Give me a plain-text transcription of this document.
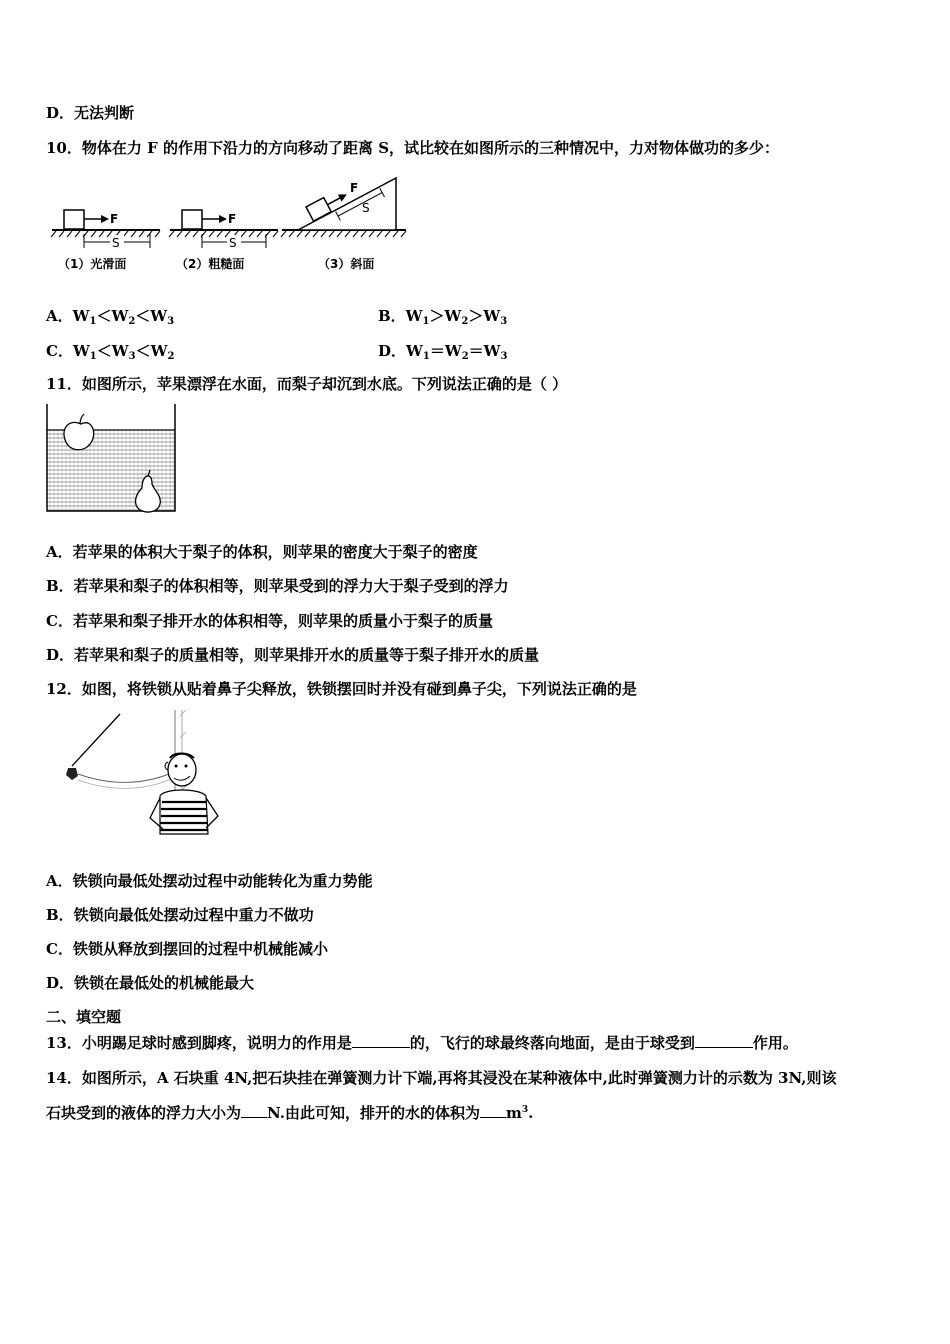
D．无法判断
10．物体在力 F 的作用下沿力的方向移动了距离 S，试比较在如图所示的三种情况中，力对物体做功的多少：
F
S
（1）光滑面
F
S
（2）粗糙面
F
S
（3）斜面
A．$W_1<W_2<W_3$	B．$W_1>W_2>W_3$
C．$W_1<W_3<W_2$	D．$W_1=W_2=W_3$
11．如图所示，苹果漂浮在水面，而梨子却沉到水底。下列说法正确的是（ ）
A．若苹果的体积大于梨子的体积，则苹果的密度大于梨子的密度
B．若苹果和梨子的体积相等，则苹果受到的浮力大于梨子受到的浮力
C．若苹果和梨子排开水的体积相等，则苹果的质量小于梨子的质量
D．若苹果和梨子的质量相等，则苹果排开水的质量等于梨子排开水的质量
12．如图，将铁锁从贴着鼻子尖释放，铁锁摆回时并没有碰到鼻子尖，下列说法正确的是
A．铁锁向最低处摆动过程中动能转化为重力势能
B．铁锁向最低处摆动过程中重力不做功
C．铁锁从释放到摆回的过程中机械能减小
D．铁锁在最低处的机械能最大
二、填空题
13．小明踢足球时感到脚疼，说明力的作用是	的，飞行的球最终落向地面，是由于球受到	作用。
14．如图所示，A 石块重 4N,把石块挂在弹簧测力计下端,再将其浸没在某种液体中,此时弹簧测力计的示数为 3N,则该
石块受到的液体的浮力大小为 N.由此可知，排开的水的体积为 $m^3$.
